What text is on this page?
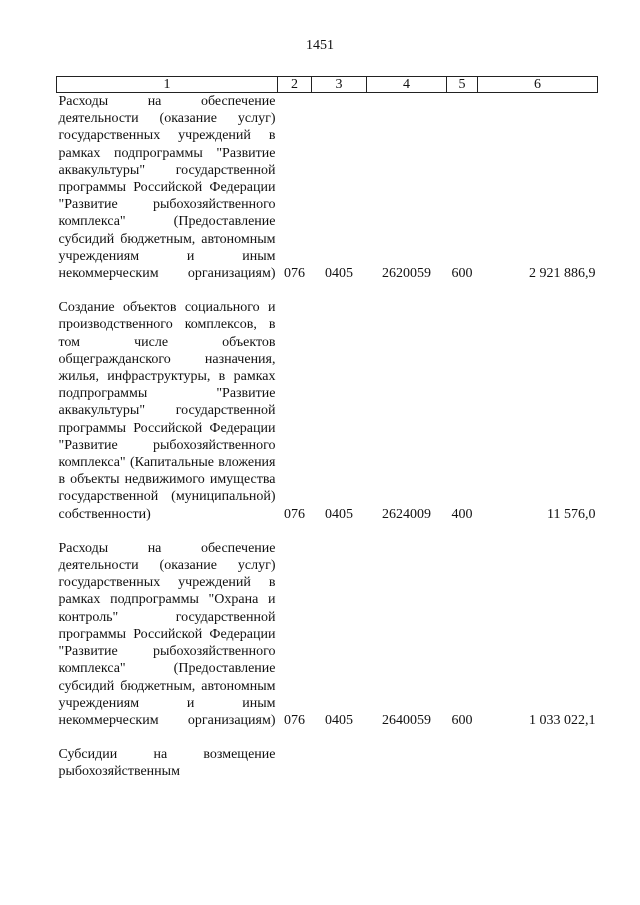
1451
1	2	3	4	5	6
Расходы на обеспечение деятельности (оказание услуг) государственных учреждений в рамках подпрограммы "Развитие аквакультуры" государственной программы Российской Федерации "Развитие рыбохозяйственного комплекса" (Предоставление субсидий бюджетным, автономным учреждениям и иным некоммерческим организациям)	076	0405	2620059	600	2 921 886,9

Создание объектов социального и производственного комплексов, в том числе объектов общегражданского назначения, жилья, инфраструктуры, в рамках подпрограммы "Развитие аквакультуры" государственной программы Российской Федерации "Развитие рыбохозяйственного комплекса" (Капитальные вложения в объекты недвижимого имущества государственной (муниципальной) собственности)	076	0405	2624009	400	11 576,0

Расходы на обеспечение деятельности (оказание услуг) государственных учреждений в рамках подпрограммы "Охрана и контроль" государственной программы Российской Федерации "Развитие рыбохозяйственного комплекса" (Предоставление субсидий бюджетным, автономным учреждениям и иным некоммерческим организациям)	076	0405	2640059	600	1 033 022,1

Субсидии на возмещение рыбохозяйственным					
